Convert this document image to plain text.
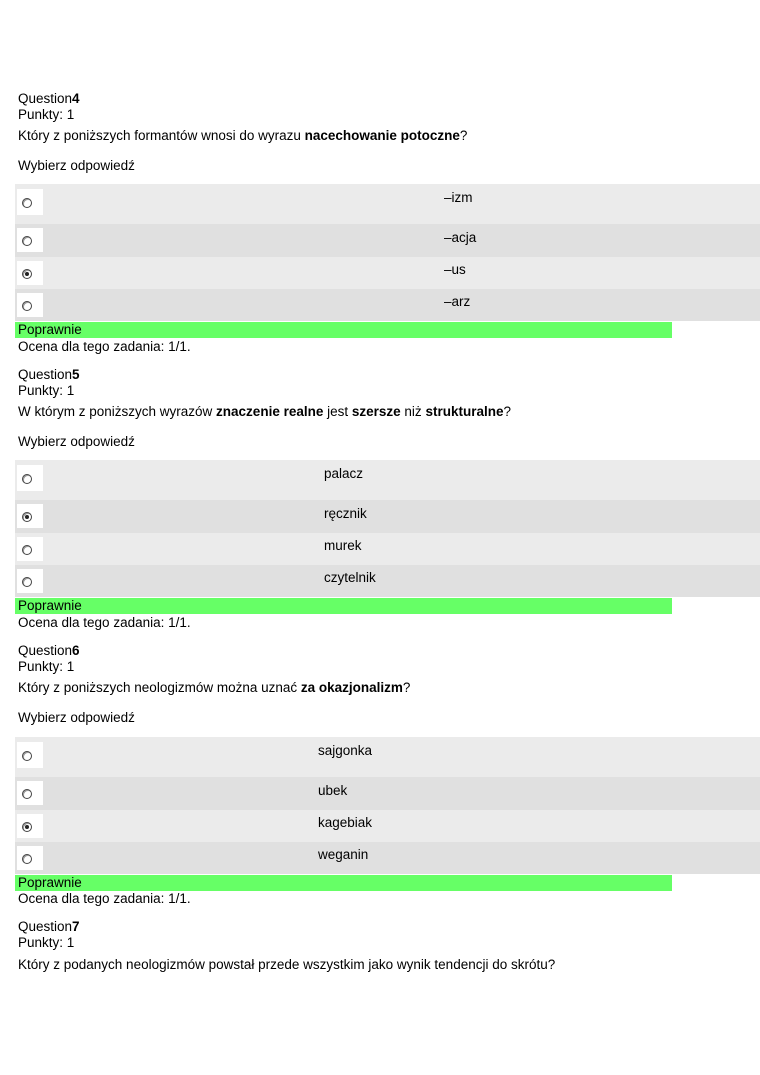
Question4
Punkty: 1
Który z poniższych formantów wnosi do wyrazu nacechowanie potoczne?
Wybierz odpowiedź
–izm
–acja
–us
–arz
Poprawnie
Ocena dla tego zadania: 1/1.
Question5
Punkty: 1
W którym z poniższych wyrazów znaczenie realne jest szersze niż strukturalne?
Wybierz odpowiedź
palacz
ręcznik
murek
czytelnik
Poprawnie
Ocena dla tego zadania: 1/1.
Question6
Punkty: 1
Który z poniższych neologizmów można uznać za okazjonalizm?
Wybierz odpowiedź
sajgonka
ubek
kagebiak
weganin
Poprawnie
Ocena dla tego zadania: 1/1.
Question7
Punkty: 1
Który z podanych neologizmów powstał przede wszystkim jako wynik tendencji do skrótu?
